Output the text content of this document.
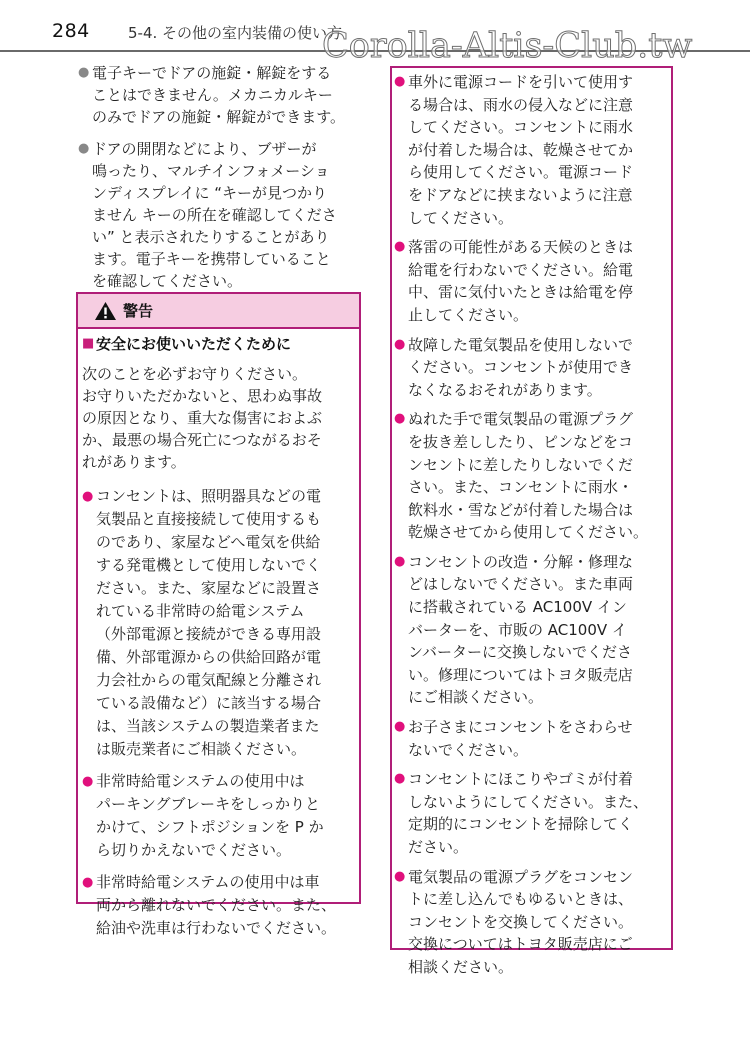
284	5-4. その他の室内装備の使い方
Corolla-Altis-Club.tw
● 電子キーでドアの施錠・解錠をする
ことはできません。メカニカルキー
のみでドアの施錠・解錠ができます。
● ドアの開閉などにより、ブザーが
鳴ったり、マルチインフォメーショ
ンディスプレイに “キーが見つかり
ません キーの所在を確認してくださ
い” と表示されたりすることがあり
ます。電子キーを携帯していること
を確認してください。
警告
■ 安全にお使いいただくために
次のことを必ずお守りください。
お守りいただかないと、思わぬ事故
の原因となり、重大な傷害におよぶ
か、最悪の場合死亡につながるおそ
れがあります。
● コンセントは、照明器具などの電
気製品と直接接続して使用するも
のであり、家屋などへ電気を供給
する発電機として使用しないでく
ださい。また、家屋などに設置さ
れている非常時の給電システム
（外部電源と接続ができる専用設
備、外部電源からの供給回路が電
力会社からの電気配線と分離され
ている設備など）に該当する場合
は、当該システムの製造業者また
は販売業者にご相談ください。
● 非常時給電システムの使用中は
パーキングブレーキをしっかりと
かけて、シフトポジションを P か
ら切りかえないでください。
● 非常時給電システムの使用中は車
両から離れないでください。また、
給油や洗車は行わないでください。
● 車外に電源コードを引いて使用す
る場合は、雨水の侵入などに注意
してください。コンセントに雨水
が付着した場合は、乾燥させてか
ら使用してください。電源コード
をドアなどに挟まないように注意
してください。
● 落雷の可能性がある天候のときは
給電を行わないでください。給電
中、雷に気付いたときは給電を停
止してください。
● 故障した電気製品を使用しないで
ください。コンセントが使用でき
なくなるおそれがあります。
● ぬれた手で電気製品の電源プラグ
を抜き差ししたり、ピンなどをコ
ンセントに差したりしないでくだ
さい。また、コンセントに雨水・
飲料水・雪などが付着した場合は
乾燥させてから使用してください。
● コンセントの改造・分解・修理な
どはしないでください。また車両
に搭載されている AC100V イン
バーターを、市販の AC100V イ
ンバーターに交換しないでくださ
い。修理についてはトヨタ販売店
にご相談ください。
● お子さまにコンセントをさわらせ
ないでください。
● コンセントにほこりやゴミが付着
しないようにしてください。また、
定期的にコンセントを掃除してく
ださい。
● 電気製品の電源プラグをコンセン
トに差し込んでもゆるいときは、
コンセントを交換してください。
交換についてはトヨタ販売店にご
相談ください。
